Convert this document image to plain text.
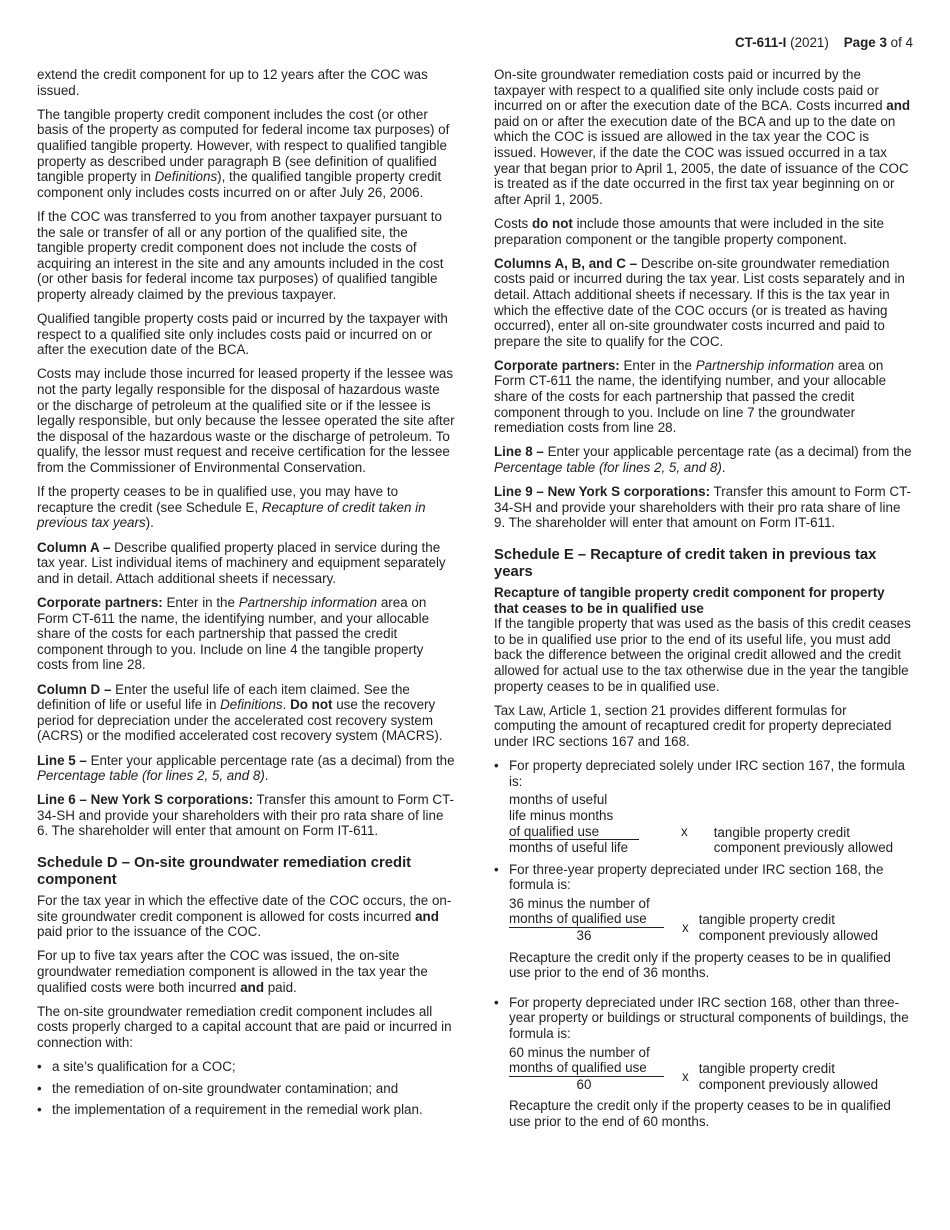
CT-611-I (2021) Page 3 of 4

extend the credit component for up to 12 years after the COC was issued.

The tangible property credit component includes the cost (or other basis of the property as computed for federal income tax purposes) of qualified tangible property. However, with respect to qualified tangible property as described under paragraph B (see definition of qualified tangible property in Definitions), the qualified tangible property credit component only includes costs incurred on or after July 26, 2006.

If the COC was transferred to you from another taxpayer pursuant to the sale or transfer of all or any portion of the qualified site, the tangible property credit component does not include the costs of acquiring an interest in the site and any amounts included in the cost (or other basis for federal income tax purposes) of qualified tangible property already claimed by the previous taxpayer.

Qualified tangible property costs paid or incurred by the taxpayer with respect to a qualified site only includes costs paid or incurred on or after the execution date of the BCA.

Costs may include those incurred for leased property if the lessee was not the party legally responsible for the disposal of hazardous waste or the discharge of petroleum at the qualified site or if the lessee is legally responsible, but only because the lessee operated the site after the disposal of the hazardous waste or the discharge of petroleum. To qualify, the lessor must request and receive certification for the lessee from the Commissioner of Environmental Conservation.

If the property ceases to be in qualified use, you may have to recapture the credit (see Schedule E, Recapture of credit taken in previous tax years).

Column A – Describe qualified property placed in service during the tax year. List individual items of machinery and equipment separately and in detail. Attach additional sheets if necessary.

Corporate partners: Enter in the Partnership information area on Form CT-611 the name, the identifying number, and your allocable share of the costs for each partnership that passed the credit component through to you. Include on line 4 the tangible property costs from line 28.

Column D – Enter the useful life of each item claimed. See the definition of life or useful life in Definitions. Do not use the recovery period for depreciation under the accelerated cost recovery system (ACRS) or the modified accelerated cost recovery system (MACRS).

Line 5 – Enter your applicable percentage rate (as a decimal) from the Percentage table (for lines 2, 5, and 8).

Line 6 – New York S corporations: Transfer this amount to Form CT-34-SH and provide your shareholders with their pro rata share of line 6. The shareholder will enter that amount on Form IT-611.

Schedule D – On-site groundwater remediation credit component

For the tax year in which the effective date of the COC occurs, the on-site groundwater credit component is allowed for costs incurred and paid prior to the issuance of the COC.

For up to five tax years after the COC was issued, the on-site groundwater remediation component is allowed in the tax year the qualified costs were both incurred and paid.

The on-site groundwater remediation credit component includes all costs properly charged to a capital account that are paid or incurred in connection with:

• a site’s qualification for a COC;
• the remediation of on-site groundwater contamination; and
• the implementation of a requirement in the remedial work plan.

On-site groundwater remediation costs paid or incurred by the taxpayer with respect to a qualified site only include costs paid or incurred on or after the execution date of the BCA. Costs incurred and paid on or after the execution date of the BCA and up to the date on which the COC is issued are allowed in the tax year the COC is issued. However, if the date the COC was issued occurred in a tax year that began prior to April 1, 2005, the date of issuance of the COC is treated as if the date occurred in the first tax year beginning on or after April 1, 2005.

Costs do not include those amounts that were included in the site preparation component or the tangible property component.

Columns A, B, and C – Describe on-site groundwater remediation costs paid or incurred during the tax year. List costs separately and in detail. Attach additional sheets if necessary. If this is the tax year in which the effective date of the COC occurs (or is treated as having occurred), enter all on-site groundwater costs incurred and paid to prepare the site to qualify for the COC.

Corporate partners: Enter in the Partnership information area on Form CT-611 the name, the identifying number, and your allocable share of the costs for each partnership that passed the credit component through to you. Include on line 7 the groundwater remediation costs from line 28.

Line 8 – Enter your applicable percentage rate (as a decimal) from the Percentage table (for lines 2, 5, and 8).

Line 9 – New York S corporations: Transfer this amount to Form CT-34-SH and provide your shareholders with their pro rata share of line 9. The shareholder will enter that amount on Form IT-611.

Schedule E – Recapture of credit taken in previous tax years
Recapture of tangible property credit component for property that ceases to be in qualified use

If the tangible property that was used as the basis of this credit ceases to be in qualified use prior to the end of its useful life, you must add back the difference between the original credit allowed and the credit allowed for actual use to the tax otherwise due in the year the tangible property ceases to be in qualified use.

Tax Law, Article 1, section 21 provides different formulas for computing the amount of recaptured credit for property depreciated under IRC sections 167 and 168.

• For property depreciated solely under IRC section 167, the formula is:
months of useful
life minus months
of qualified use
months of useful life
x	tangible property credit
component previously allowed
• For three-year property depreciated under IRC section 168, the formula is:
36 minus the number of
months of qualified use
36
x
tangible property credit
component previously allowed
Recapture the credit only if the property ceases to be in qualified use prior to the end of 36 months.
• For property depreciated under IRC section 168, other than three-year property or buildings or structural components of buildings, the formula is:
60 minus the number of
months of qualified use
60
x
tangible property credit
component previously allowed
Recapture the credit only if the property ceases to be in qualified use prior to the end of 60 months.
